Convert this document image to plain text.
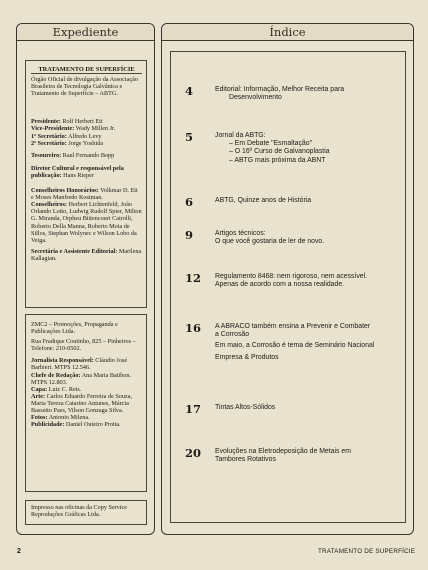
Expediente
TRATAMENTO DE SUPERFÍCIE
Órgão Oficial de divulgação da Associação Brasileira de Tecnologia Galvânica e Tratamento de Superfície – ABTG.
Presidente: Rolf Herbert Ett
Vice-Presidente: Wady Millen Jr.
1º Secretário: Alfredo Levy
2º Secretário: Jorge Yoshida
Tesoureiro: Raul Fernando Bopp
Diretor Cultural e responsável pela publicação: Hans Rieper
Conselheiros Honorários: Volkmar D. Ett e Moses Manfredo Kostman.
Conselheiros: Herbert Lichtenfeld, João Orlando Lotto, Ludwig Rudolf Spier, Milton G. Miranda, Orpheu Bittencourt Cairolli, Roberto Della Manna, Roberto Mota de Sillos, Stephan Wolynec e Wilson Lobo da Veiga.
Secretária e Assistente Editorial: Marilena Kallagian.
ZMC2 – Promoções, Propaganda e Publicações Ltda.
Rua Fradique Coutinho, 825 – Pinheiros – Telefone: 210-0502.
Jornalista Responsável: Cláudio José Barbieri. MTPS 12.546.
Chefe de Redação: Ana Maria Batibon. MTPS 12.803.
Capa: Luiz C. Reis.
Arte: Carlos Eduardo Ferreira de Souza, Maria Tereza Catarino Antunes, Márcia Bassetto Paes, Vilson Gonzaga Silva.
Fotos: Antonio Milena.
Publicidade: Daniel Outeiro Protta.
Impresso nas oficinas da Copy Service Reproduções Gráficas Ltda.
Índice
4	Editorial: Informação, Melhor Receita para
Desenvolvimento
5	Jornal da ABTG:
– Em Debate "Esmaltação"
– O 16º Curso de Galvanoplastia
– ABTG mais próxima da ABNT
6	ABTG, Quinze anos de História
9	Artigos técnicos:
O que você gostaria de ler de novo.
12 Regulamento 8468: nem rigoroso, nem acessível.
Apenas de acordo com a nossa realidade.
16 A ABRACO também ensina a Prevenir e Combater
a Corrosão
Em maio, a Corrosão é tema de Seminário Nacional
Empresa & Produtos
17 Tintas Altos-Sólidos
20 Evoluções na Eletrodeposição de Metais em
Tambores Rotativos
2	TRATAMENTO DE SUPERFÍCIE
